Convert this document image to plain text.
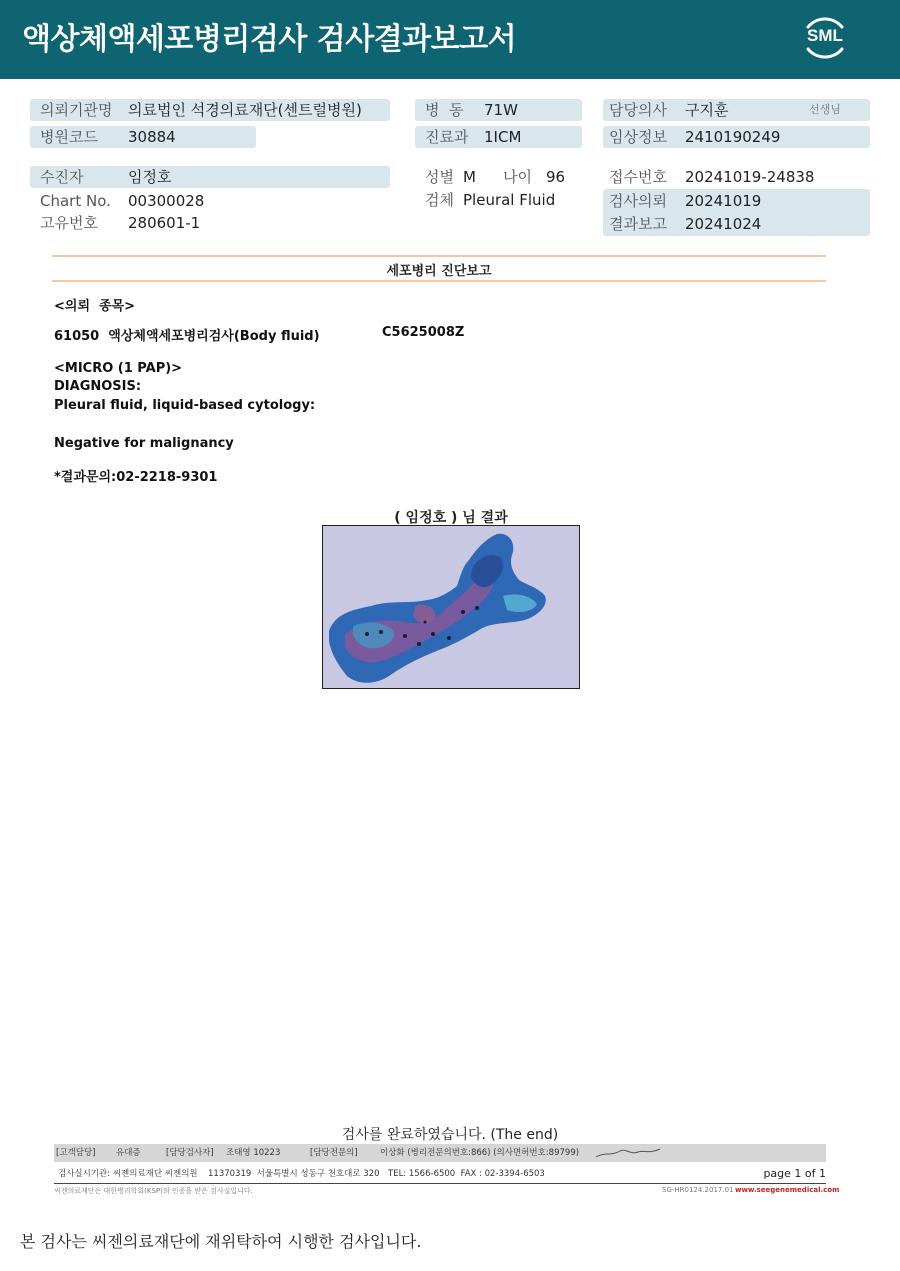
액상체액세포병리검사 검사결과보고서	SML
의뢰기관명 의료법인 석경의료재단(센트럴병원)
병원코드 30884
수진자	임정호
Chart No. 00300028
고유번호 280601-1
병  동 71W
진료과 1ICM
성별 M 나이 96
검체 Pleural Fluid
담당의사 구지훈	선생님
임상정보 2410190249
접수번호 20241019-24838
검사의뢰 20241019
결과보고 20241024
세포병리 진단보고
<의뢰  종목>
61050  액상체액세포병리검사(Body fluid)	C5625008Z
<MICRO (1 PAP)>
DIAGNOSIS:
Pleural fluid, liquid-based cytology:
Negative for malignancy
*결과문의:02-2218-9301
( 임정호 ) 님 결과
검사를 완료하였습니다. (The end)
[고객담당] 유대증	[담당검사자] 조태영 10223	[담당전문의]	이상화 (병리전문의번호:866) (의사면허번호:89799)
검사실시기관: 씨젠의료재단 씨젠의원 11370319  서울특별시 성동구 천호대로 320 TEL: 1566-6500  FAX : 02-3394-6503	page 1 of 1
씨젠의료재단은 대한병리학회(KSP)의 인증을 받은 검사실입니다.	SG-HR0124.2017.01 www.seegenemedical.com
본 검사는 씨젠의료재단에 재위탁하여 시행한 검사입니다.
